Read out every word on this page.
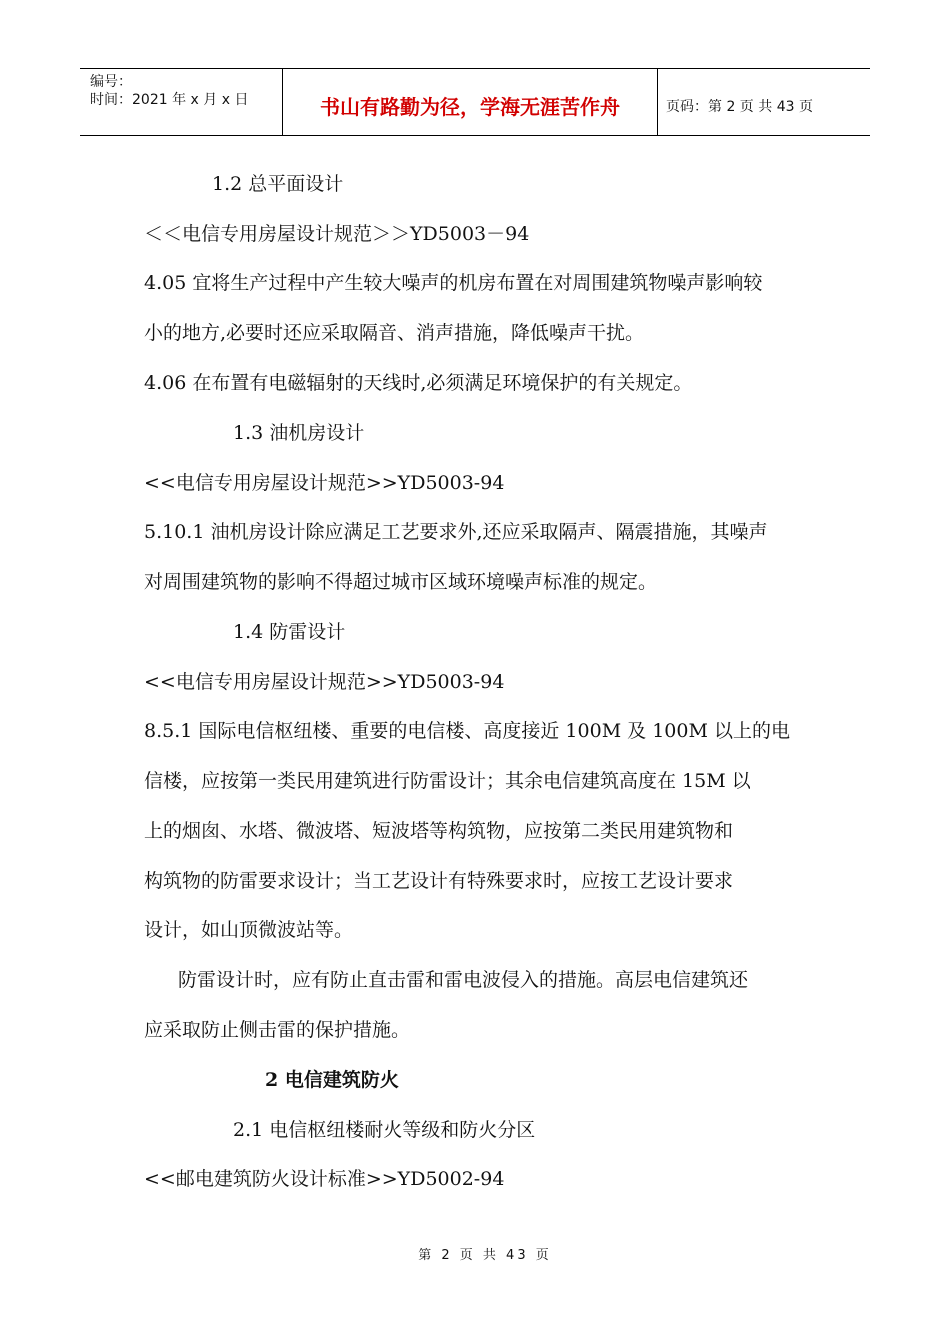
编号：
时间：2021 年 x 月 x 日	书山有路勤为径，学海无涯苦作舟	页码：第 2 页 共 43 页
1.2 总平面设计
＜＜电信专用房屋设计规范＞＞YD5003－94
4.05 宜将生产过程中产生较大噪声的机房布置在对周围建筑物噪声影响较
小的地方,必要时还应采取隔音、消声措施，降低噪声干扰。
4.06 在布置有电磁辐射的天线时,必须满足环境保护的有关规定。
1.3 油机房设计
<<电信专用房屋设计规范>>YD5003-94
5.10.1 油机房设计除应满足工艺要求外,还应采取隔声、隔震措施，其噪声
对周围建筑物的影响不得超过城市区域环境噪声标准的规定。
1.4 防雷设计
<<电信专用房屋设计规范>>YD5003-94
8.5.1 国际电信枢纽楼、重要的电信楼、高度接近 100M 及 100M 以上的电
信楼，应按第一类民用建筑进行防雷设计；其余电信建筑高度在 15M 以
上的烟囱、水塔、微波塔、短波塔等构筑物，应按第二类民用建筑物和
构筑物的防雷要求设计；当工艺设计有特殊要求时，应按工艺设计要求
设计，如山顶微波站等。
防雷设计时，应有防止直击雷和雷电波侵入的措施。高层电信建筑还
应采取防止侧击雷的保护措施。
2 电信建筑防火
2.1 电信枢纽楼耐火等级和防火分区
<<邮电建筑防火设计标准>>YD5002-94
第 2 页 共 43 页
